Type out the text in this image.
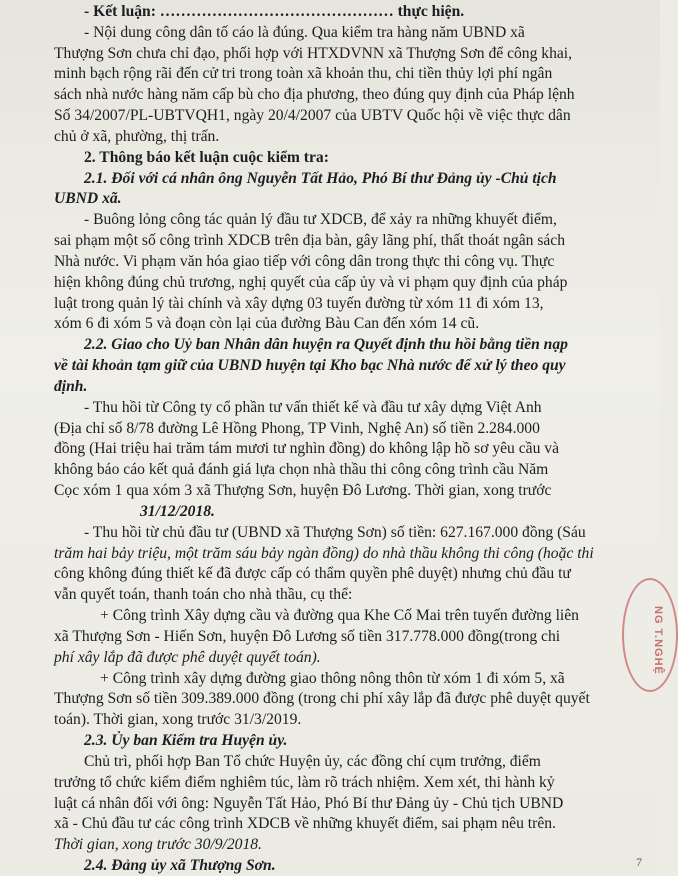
- Kết luận: ……………………………………… thực hiện.
- Nội dung công dân tố cáo là đúng. Qua kiểm tra hàng năm UBND xã
Thượng Sơn chưa chỉ đạo, phối hợp với HTXDVNN xã Thượng Sơn để công khai,
minh bạch rộng rãi đến cử tri trong toàn xã khoản thu, chi tiền thủy lợi phí ngân
sách nhà nước hàng năm cấp bù cho địa phương, theo đúng quy định của Pháp lệnh
Số 34/2007/PL-UBTVQH1, ngày 20/4/2007 của UBTV Quốc hội về việc thực dân
chủ ở xã, phường, thị trấn.
2. Thông báo kết luận cuộc kiểm tra:
2.1. Đối với cá nhân ông Nguyễn Tất Hảo, Phó Bí thư Đảng ủy -Chủ tịch
UBND xã.
- Buông lỏng công tác quản lý đầu tư XDCB, để xảy ra những khuyết điểm,
sai phạm một số công trình XDCB trên địa bàn, gây lãng phí, thất thoát ngân sách
Nhà nước. Vi phạm văn hóa giao tiếp với công dân trong thực thi công vụ. Thực
hiện không đúng chủ trương, nghị quyết của cấp ủy và vi phạm quy định của pháp
luật trong quản lý tài chính và xây dựng 03 tuyến đường từ xóm 11 đi xóm 13,
xóm 6 đi xóm 5 và đoạn còn lại của đường Bàu Can đến xóm 14 cũ.
2.2. Giao cho Uỷ ban Nhân dân huyện ra Quyết định thu hồi bằng tiền nạp
về tài khoản tạm giữ của UBND huyện tại Kho bạc Nhà nước để xử lý theo quy
định.
- Thu hồi từ Công ty cổ phần tư vấn thiết kế và đầu tư xây dựng Việt Anh
(Địa chỉ số 8/78 đường Lê Hồng Phong, TP Vinh, Nghệ An) số tiền 2.284.000
đồng (Hai triệu hai trăm tám mươi tư nghìn đồng) do không lập hồ sơ yêu cầu và
không báo cáo kết quả đánh giá lựa chọn nhà thầu thi công công trình cầu Năm
Cọc xóm 1 qua xóm 3 xã Thượng Sơn, huyện Đô Lương. Thời gian, xong trước
31/12/2018.
- Thu hồi từ chủ đầu tư (UBND xã Thượng Sơn) số tiền: 627.167.000 đồng (Sáu
trăm hai bảy triệu, một trăm sáu bảy ngàn đồng) do nhà thầu không thi công (hoặc thi
công không đúng thiết kế đã được cấp có thẩm quyền phê duyệt) nhưng chủ đầu tư
vẫn quyết toán, thanh toán cho nhà thầu, cụ thể:
+ Công trình Xây dựng cầu và đường qua Khe Cố Mai trên tuyến đường liên
xã Thượng Sơn - Hiến Sơn, huyện Đô Lương số tiền 317.778.000 đồng(trong chi
phí xây lắp đã được phê duyệt quyết toán).
+ Công trình xây dựng đường giao thông nông thôn từ xóm 1 đi xóm 5, xã
Thượng Sơn số tiền 309.389.000 đồng (trong chi phí xây lắp đã được phê duyệt quyết
toán). Thời gian, xong trước 31/3/2019.
2.3. Ủy ban Kiểm tra Huyện ủy.
Chủ trì, phối hợp Ban Tổ chức Huyện ủy, các đồng chí cụm trưởng, điểm
trưởng tổ chức kiểm điểm nghiêm túc, làm rõ trách nhiệm. Xem xét, thi hành kỷ
luật cá nhân đối với ông: Nguyễn Tất Hảo, Phó Bí thư Đảng ủy - Chủ tịch UBND
xã - Chủ đầu tư các công trình XDCB về những khuyết điểm, sai phạm nêu trên.
Thời gian, xong trước 30/9/2018.
2.4. Đảng ủy xã Thượng Sơn.
NG T.NGHỆ
7
